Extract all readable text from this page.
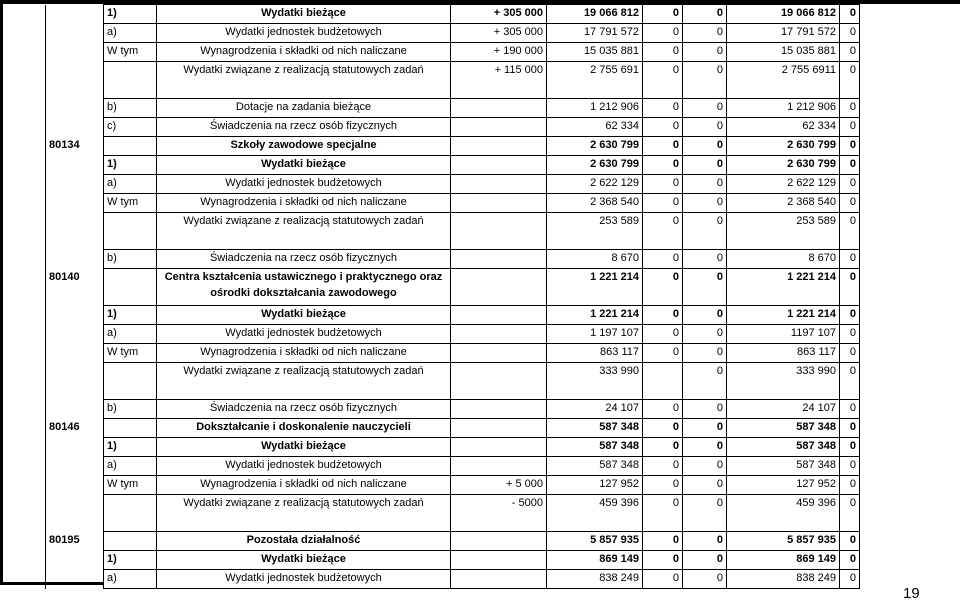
	1)	Wydatki bieżące	+ 305 000	19 066 812	0	0	19 066 812	0
	a)	Wydatki jednostek budżetowych	+ 305 000	17 791 572	0	0	17 791 572	0
	W tym	Wynagrodzenia i składki od nich naliczane	+ 190 000	15 035 881	0	0	15 035 881	0
		Wydatki związane z realizacją statutowych zadań	+ 115 000	2 755 691	0	0	2 755 6911	0
	b)	Dotacje na zadania bieżące		1 212 906	0	0	1 212 906	0
	c)	Świadczenia na rzecz osób fizycznych		62 334	0	0	62 334	0
80134		Szkoły zawodowe specjalne		2 630 799	0	0	2 630 799	0
	1)	Wydatki bieżące		2 630 799	0	0	2 630 799	0
	a)	Wydatki jednostek budżetowych		2 622 129	0	0	2 622 129	0
	W tym	Wynagrodzenia i składki od nich naliczane		2 368 540	0	0	2 368 540	0
		Wydatki związane z realizacją statutowych zadań		253 589	0	0	253 589	0
	b)	Świadczenia na rzecz osób fizycznych		8 670	0	0	8 670	0
80140		Centra kształcenia ustawicznego i praktycznego oraz ośrodki dokształcania zawodowego		1 221 214	0	0	1 221 214	0
	1)	Wydatki bieżące		1 221 214	0	0	1 221 214	0
	a)	Wydatki jednostek budżetowych		1 197 107	0	0	1197 107	0
	W tym	Wynagrodzenia i składki od nich naliczane		863 117	0	0	863 117	0
		Wydatki związane z realizacją statutowych zadań		333 990		0	333 990	0
	b)	Świadczenia na rzecz osób fizycznych		24 107	0	0	24 107	0
80146		Dokształcanie i doskonalenie nauczycieli		587 348	0	0	587 348	0
	1)	Wydatki bieżące		587 348	0	0	587 348	0
	a)	Wydatki jednostek budżetowych		587 348	0	0	587 348	0
	W tym	Wynagrodzenia i składki od nich naliczane	+ 5 000	127 952	0	0	127 952	0
		Wydatki związane z realizacją statutowych zadań	- 5000	459 396	0	0	459 396	0
80195		Pozostała działalność		5 857 935	0	0	5 857 935	0
	1)	Wydatki bieżące		869 149	0	0	869 149	0
	a)	Wydatki jednostek budżetowych		838 249	0	0	838 249	0
19
